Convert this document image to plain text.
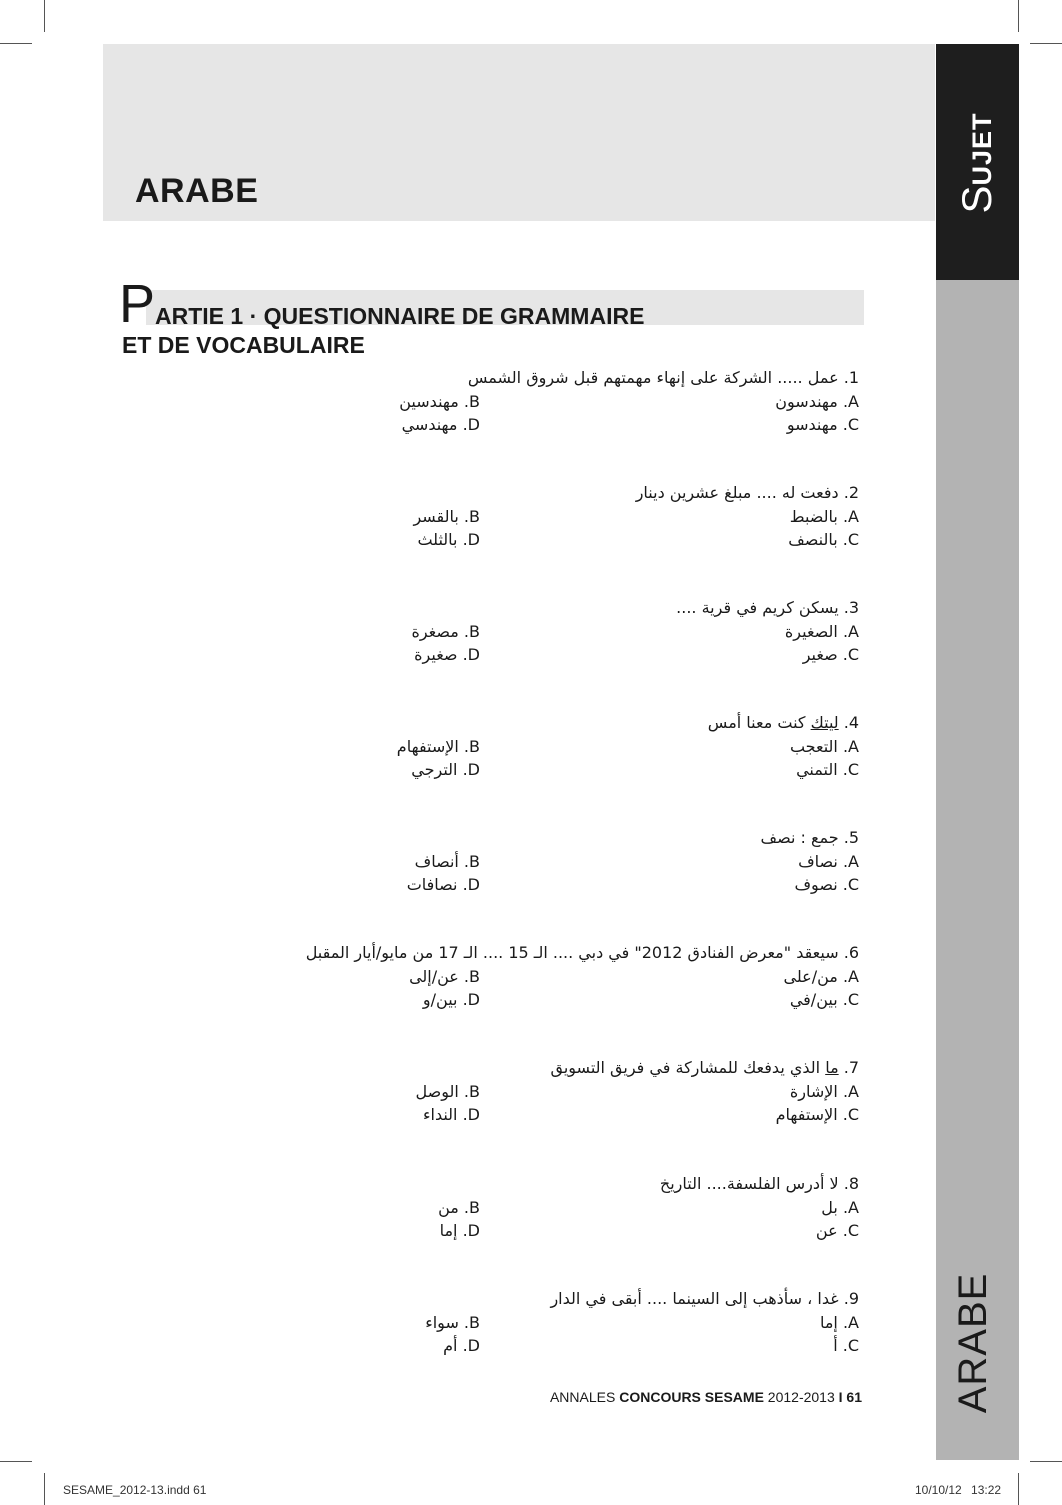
ARABE	SUJET
ARABE
P ARTIE 1 · QUESTIONNAIRE DE GRAMMAIRE
ET DE VOCABULAIRE
1. عمل ..... الشركة على إنهاء مهمتهم قبل شروق الشمس
A. مهندسون
B. مهندسين
C. مهندسو
D. مهندسي
2. دفعت له .... مبلغ عشرين دينار
A. بالضبط
B. بالقسر
C. بالنصف
D. بالثلث
3. يسكن كريم في قرية ....
A. الصغيرة
B. مصغرة
C. صغير
D. صغيرة
4. ليتك كنت معنا أمس
A. التعجب
B. الإستفهام
C. التمني
D. الترجي
5. جمع : نصف
A. نصاف
B. أنصاف
C. نصوف
D. نصافات
6. سيعقد "معرض الفنادق 2012" في دبي .... الـ 15 .... الـ 17 من مايو/أيار المقبل
A. من/على
B. عن/إلى
C. بين/في
D. بين/و
7. ما الذي يدفعك للمشاركة في فريق التسويق
A. الإشارة
B. الوصل
C. الإستفهام
D. النداء
8. لا أدرس الفلسفة.... التاريخ
A. بل
B. من
C. عن
D. إما
9. غدا ، سأذهب إلى السينما .... أبقى في الدار
A. إما
B. سواء
C. أ
D. أم
ANNALES CONCOURS SESAME 2012-2013 I 61
SESAME_2012-13.indd 61	10/10/12 13:22
